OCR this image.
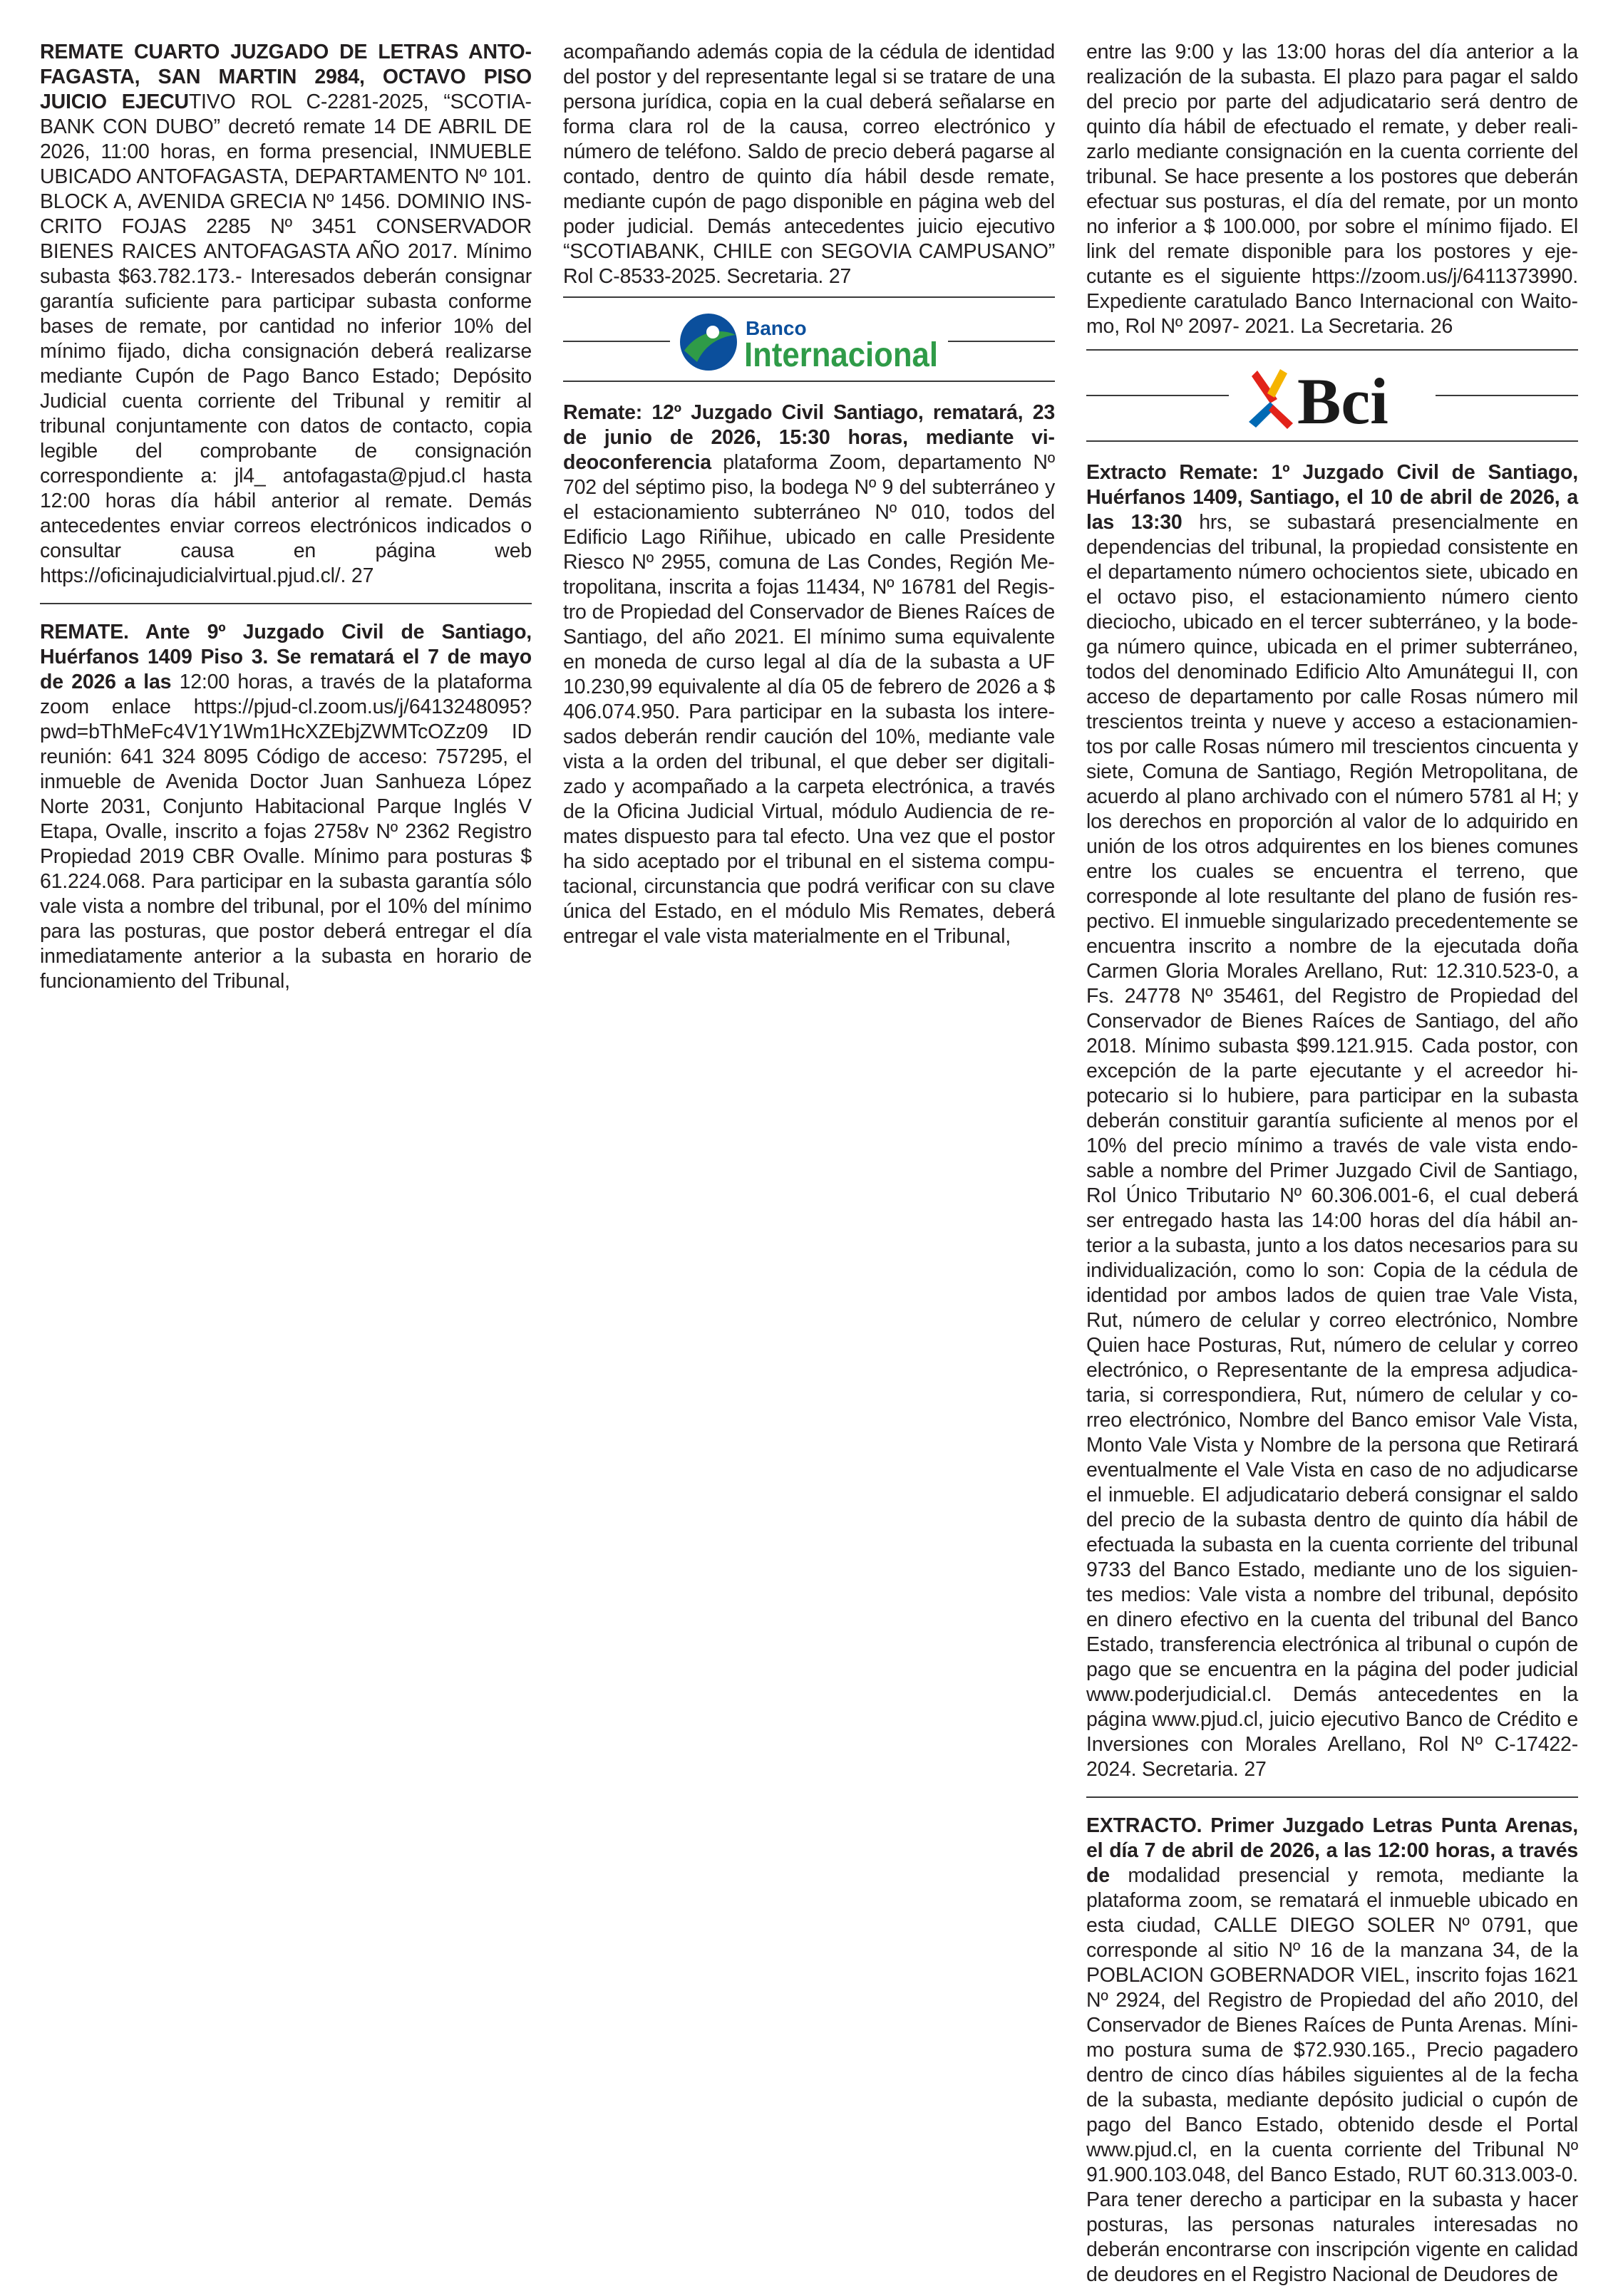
REMATE CUARTO JUZGADO DE LETRAS ANTOFAGASTA, SAN MARTIN 2984, OCTAVO PISO JUICIO EJECUTIVO ROL C-2281-2025, “SCOTIABANK CON DUBO” decretó remate 14 DE ABRIL DE 2026, 11:00 horas, en forma presencial, INMUEBLE UBICADO ANTOFAGASTA, DEPARTAMENTO Nº 101. BLOCK A, AVENIDA GRECIA Nº 1456. DOMINIO INSCRITO FOJAS 2285 Nº 3451 CONSERVADOR BIENES RAICES ANTOFAGASTA AÑO 2017. Mínimo subasta $63.782.173.- Interesados deberán consignar garantía suficiente para participar subasta conforme bases de remate, por cantidad no inferior 10% del mínimo fijado, dicha consignación deberá realizarse mediante Cupón de Pago Banco Estado; Depósito Judicial cuenta corriente del Tribunal y remitir al tribunal conjuntamente con datos de contacto, copia legible del comprobante de consignación correspondiente a: jl4_ antofagasta@pjud.cl hasta 12:00 horas día hábil anterior al remate. Demás antecedentes enviar correos electrónicos indicados o consultar causa en página web https://oficinajudicialvirtual.pjud.cl/. 27

REMATE. Ante 9º Juzgado Civil de Santiago, Huérfanos 1409 Piso 3. Se rematará el 7 de mayo de 2026 a las 12:00 horas, a través de la plataforma zoom enlace https://pjud-cl.zoom.us/j/6413248095?pwd=bThMeFc4V1Y1Wm1HcXZEbjZWMTcOZz09 ID reunión: 641 324 8095 Código de acceso: 757295, el inmueble de Avenida Doctor Juan Sanhueza López Norte 2031, Conjunto Habitacional Parque Inglés V Etapa, Ovalle, inscrito a fojas 2758v Nº 2362 Registro Propiedad 2019 CBR Ovalle. Mínimo para posturas $ 61.224.068. Para participar en la subasta garantía sólo vale vista a nombre del tribunal, por el 10% del mínimo para las posturas, que postor deberá entregar el día inmediatamente anterior a la subasta en horario de funcionamiento del Tribunal,

acompañando además copia de la cédula de identidad del postor y del representante legal si se tratare de una persona jurídica, copia en la cual deberá señalarse en forma clara rol de la causa, correo electrónico y número de teléfono. Saldo de precio deberá pagarse al contado, dentro de quinto día hábil desde remate, mediante cupón de pago disponible en página web del poder judicial. Demás antecedentes juicio ejecutivo “SCOTIABANK, CHILE con SEGOVIA CAMPUSANO” Rol C-8533-2025. Secretaria. 27

Banco
Internacional

Remate: 12º Juzgado Civil Santiago, rematará, 23 de junio de 2026, 15:30 horas, mediante videoconferencia plataforma Zoom, departamento Nº 702 del séptimo piso, la bodega Nº 9 del subterráneo y el estacionamiento subterráneo Nº 010, todos del Edificio Lago Riñihue, ubicado en calle Presidente Riesco Nº 2955, comuna de Las Condes, Región Metropolitana, inscrita a fojas 11434, Nº 16781 del Registro de Propiedad del Conservador de Bienes Raíces de Santiago, del año 2021. El mínimo suma equivalente en moneda de curso legal al día de la subasta a UF 10.230,99 equivalente al día 05 de febrero de 2026 a $ 406.074.950. Para participar en la subasta los interesados deberán rendir caución del 10%, mediante vale vista a la orden del tribunal, el que deber ser digitalizado y acompañado a la carpeta electrónica, a través de la Oficina Judicial Virtual, módulo Audiencia de remates dispuesto para tal efecto. Una vez que el postor ha sido aceptado por el tribunal en el sistema computacional, circunstancia que podrá verificar con su clave única del Estado, en el módulo Mis Remates, deberá entregar el vale vista materialmente en el Tribunal,

entre las 9:00 y las 13:00 horas del día anterior a la realización de la subasta. El plazo para pagar el saldo del precio por parte del adjudicatario será dentro de quinto día hábil de efectuado el remate, y deber realizarlo mediante consignación en la cuenta corriente del tribunal. Se hace presente a los postores que deberán efectuar sus posturas, el día del remate, por un monto no inferior a $ 100.000, por sobre el mínimo fijado. El link del remate disponible para los postores y ejecutante es el siguiente https://zoom.us/j/6411373990. Expediente caratulado Banco Internacional con Waitomo, Rol Nº 2097- 2021. La Secretaria. 26

Bci

Extracto Remate: 1º Juzgado Civil de Santiago, Huérfanos 1409, Santiago, el 10 de abril de 2026, a las 13:30 hrs, se subastará presencialmente en dependencias del tribunal, la propiedad consistente en el departamento número ochocientos siete, ubicado en el octavo piso, el estacionamiento número ciento dieciocho, ubicado en el tercer subterráneo, y la bodega número quince, ubicada en el primer subterráneo, todos del denominado Edificio Alto Amunátegui II, con acceso de departamento por calle Rosas número mil trescientos treinta y nueve y acceso a estacionamientos por calle Rosas número mil trescientos cincuenta y siete, Comuna de Santiago, Región Metropolitana, de acuerdo al plano archivado con el número 5781 al H; y los derechos en proporción al valor de lo adquirido en unión de los otros adquirentes en los bienes comunes entre los cuales se encuentra el terreno, que corresponde al lote resultante del plano de fusión respectivo. El inmueble singularizado precedentemente se encuentra inscrito a nombre de la ejecutada doña Carmen Gloria Morales Arellano, Rut: 12.310.523-0, a Fs. 24778 Nº 35461, del Registro de Propiedad del Conservador de Bienes Raíces de Santiago, del año 2018. Mínimo subasta $99.121.915. Cada postor, con excepción de la parte ejecutante y el acreedor hipotecario si lo hubiere, para participar en la subasta deberán constituir garantía suficiente al menos por el 10% del precio mínimo a través de vale vista endosable a nombre del Primer Juzgado Civil de Santiago, Rol Único Tributario Nº 60.306.001-6, el cual deberá ser entregado hasta las 14:00 horas del día hábil anterior a la subasta, junto a los datos necesarios para su individualización, como lo son: Copia de la cédula de identidad por ambos lados de quien trae Vale Vista, Rut, número de celular y correo electrónico, Nombre Quien hace Posturas, Rut, número de celular y correo electrónico, o Representante de la empresa adjudicataria, si correspondiera, Rut, número de celular y correo electrónico, Nombre del Banco emisor Vale Vista, Monto Vale Vista y Nombre de la persona que Retirará eventualmente el Vale Vista en caso de no adjudicarse el inmueble. El adjudicatario deberá consignar el saldo del precio de la subasta dentro de quinto día hábil de efectuada la subasta en la cuenta corriente del tribunal 9733 del Banco Estado, mediante uno de los siguientes medios: Vale vista a nombre del tribunal, depósito en dinero efectivo en la cuenta del tribunal del Banco Estado, transferencia electrónica al tribunal o cupón de pago que se encuentra en la página del poder judicial www.poderjudicial.cl. Demás antecedentes en la página www.pjud.cl, juicio ejecutivo Banco de Crédito e Inversiones con Morales Arellano, Rol Nº C-17422-2024. Secretaria. 27

EXTRACTO. Primer Juzgado Letras Punta Arenas, el día 7 de abril de 2026, a las 12:00 horas, a través de modalidad presencial y remota, mediante la plataforma zoom, se rematará el inmueble ubicado en esta ciudad, CALLE DIEGO SOLER Nº 0791, que corresponde al sitio Nº 16 de la manzana 34, de la POBLACION GOBERNADOR VIEL, inscrito fojas 1621 Nº 2924, del Registro de Propiedad del año 2010, del Conservador de Bienes Raíces de Punta Arenas. Mínimo postura suma de $72.930.165., Precio pagadero dentro de cinco días hábiles siguientes al de la fecha de la subasta, mediante depósito judicial o cupón de pago del Banco Estado, obtenido desde el Portal www.pjud.cl, en la cuenta corriente del Tribunal Nº 91.900.103.048, del Banco Estado, RUT 60.313.003-0. Para tener derecho a participar en la subasta y hacer posturas, las personas naturales interesadas no deberán encontrarse con inscripción vigente en calidad de deudores en el Registro Nacional de Deudores de
